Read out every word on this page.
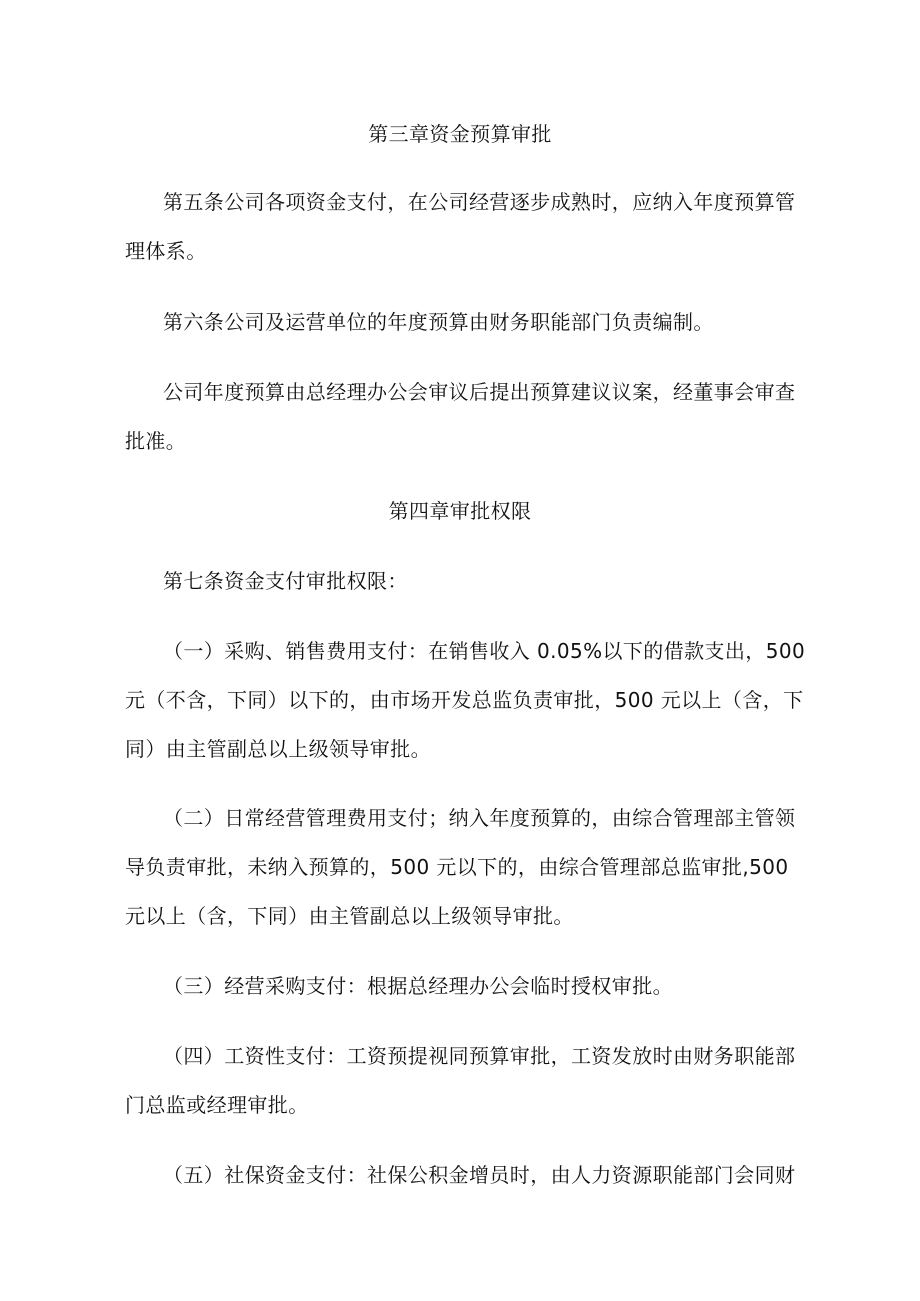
第三章资金预算审批
第五条公司各项资金支付，在公司经营逐步成熟时，应纳入年度预算管
理体系。
第六条公司及运营单位的年度预算由财务职能部门负责编制。
公司年度预算由总经理办公会审议后提出预算建议议案，经董事会审查
批准。
第四章审批权限
第七条资金支付审批权限：
（一）采购、销售费用支付：在销售收入 0.05%以下的借款支出，500
元（不含，下同）以下的，由市场开发总监负责审批，500 元以上（含，下
同）由主管副总以上级领导审批。
（二）日常经营管理费用支付；纳入年度预算的，由综合管理部主管领
导负责审批，未纳入预算的，500 元以下的，由综合管理部总监审批,500
元以上（含，下同）由主管副总以上级领导审批。
（三）经营采购支付：根据总经理办公会临时授权审批。
（四）工资性支付：工资预提视同预算审批，工资发放时由财务职能部
门总监或经理审批。
（五）社保资金支付：社保公积金增员时，由人力资源职能部门会同财
